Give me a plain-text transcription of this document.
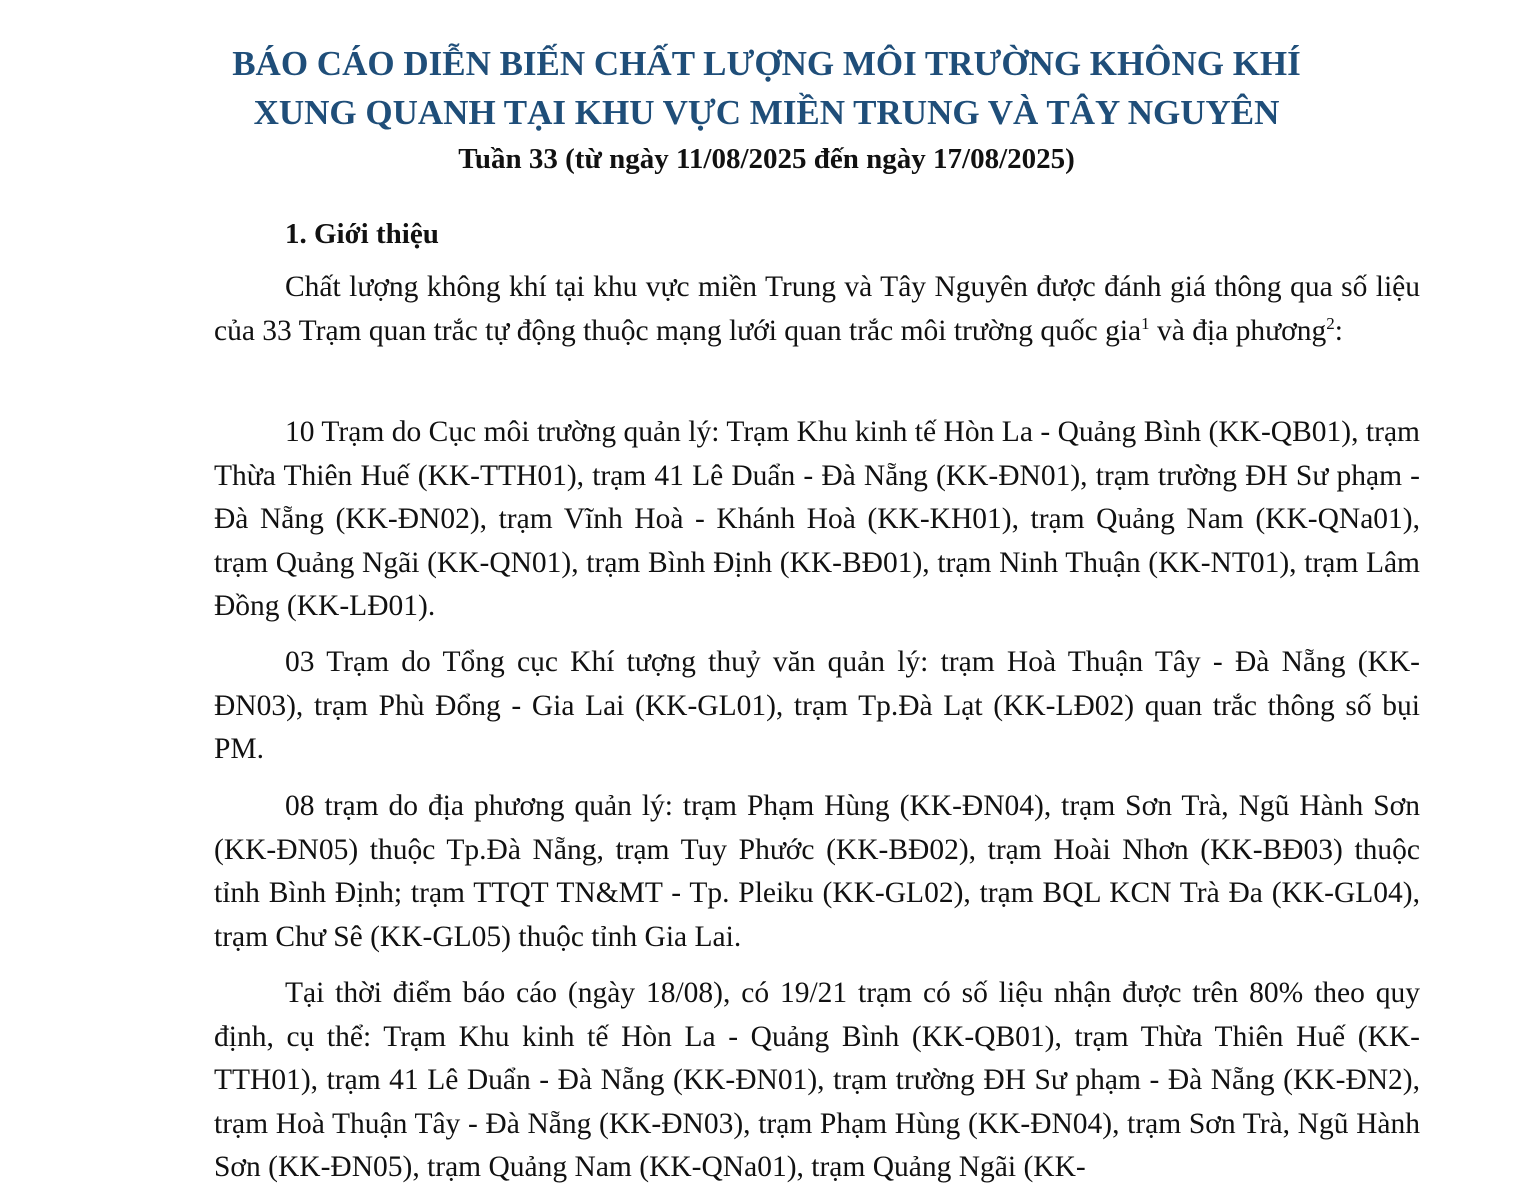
BÁO CÁO DIỄN BIẾN CHẤT LƯỢNG MÔI TRƯỜNG KHÔNG KHÍ
XUNG QUANH TẠI KHU VỰC MIỀN TRUNG VÀ TÂY NGUYÊN
Tuần 33 (từ ngày 11/08/2025 đến ngày 17/08/2025)
1. Giới thiệu

Chất lượng không khí tại khu vực miền Trung và Tây Nguyên được đánh giá thông qua số liệu của 33 Trạm quan trắc tự động thuộc mạng lưới quan trắc môi trường quốc gia$^1$ và địa phương$^2$:

10 Trạm do Cục môi trường quản lý: Trạm Khu kinh tế Hòn La - Quảng Bình (KK-QB01), trạm Thừa Thiên Huế (KK-TTH01), trạm 41 Lê Duẩn - Đà Nẵng (KK-ĐN01), trạm trường ĐH Sư phạm - Đà Nẵng (KK-ĐN02), trạm Vĩnh Hoà - Khánh Hoà (KK-KH01), trạm Quảng Nam (KK-QNa01), trạm Quảng Ngãi (KK-QN01), trạm Bình Định (KK-BĐ01), trạm Ninh Thuận (KK-NT01), trạm Lâm Đồng (KK-LĐ01).

03 Trạm do Tổng cục Khí tượng thuỷ văn quản lý: trạm Hoà Thuận Tây - Đà Nẵng (KK-ĐN03), trạm Phù Đổng - Gia Lai (KK-GL01), trạm Tp.Đà Lạt (KK-LĐ02) quan trắc thông số bụi PM.

08 trạm do địa phương quản lý: trạm Phạm Hùng (KK-ĐN04), trạm Sơn Trà, Ngũ Hành Sơn (KK-ĐN05) thuộc Tp.Đà Nẵng, trạm Tuy Phước (KK-BĐ02), trạm Hoài Nhơn (KK-BĐ03) thuộc tỉnh Bình Định; trạm TTQT TN&MT - Tp. Pleiku (KK-GL02), trạm BQL KCN Trà Đa (KK-GL04), trạm Chư Sê (KK-GL05) thuộc tỉnh Gia Lai.

Tại thời điểm báo cáo (ngày 18/08), có 19/21 trạm có số liệu nhận được trên 80% theo quy định, cụ thể: Trạm Khu kinh tế Hòn La - Quảng Bình (KK-QB01), trạm Thừa Thiên Huế (KK-TTH01), trạm 41 Lê Duẩn - Đà Nẵng (KK-ĐN01), trạm trường ĐH Sư phạm - Đà Nẵng (KK-ĐN2), trạm Hoà Thuận Tây - Đà Nẵng (KK-ĐN03), trạm Phạm Hùng (KK-ĐN04), trạm Sơn Trà, Ngũ Hành Sơn (KK-ĐN05), trạm Quảng Nam (KK-QNa01), trạm Quảng Ngãi (KK-
